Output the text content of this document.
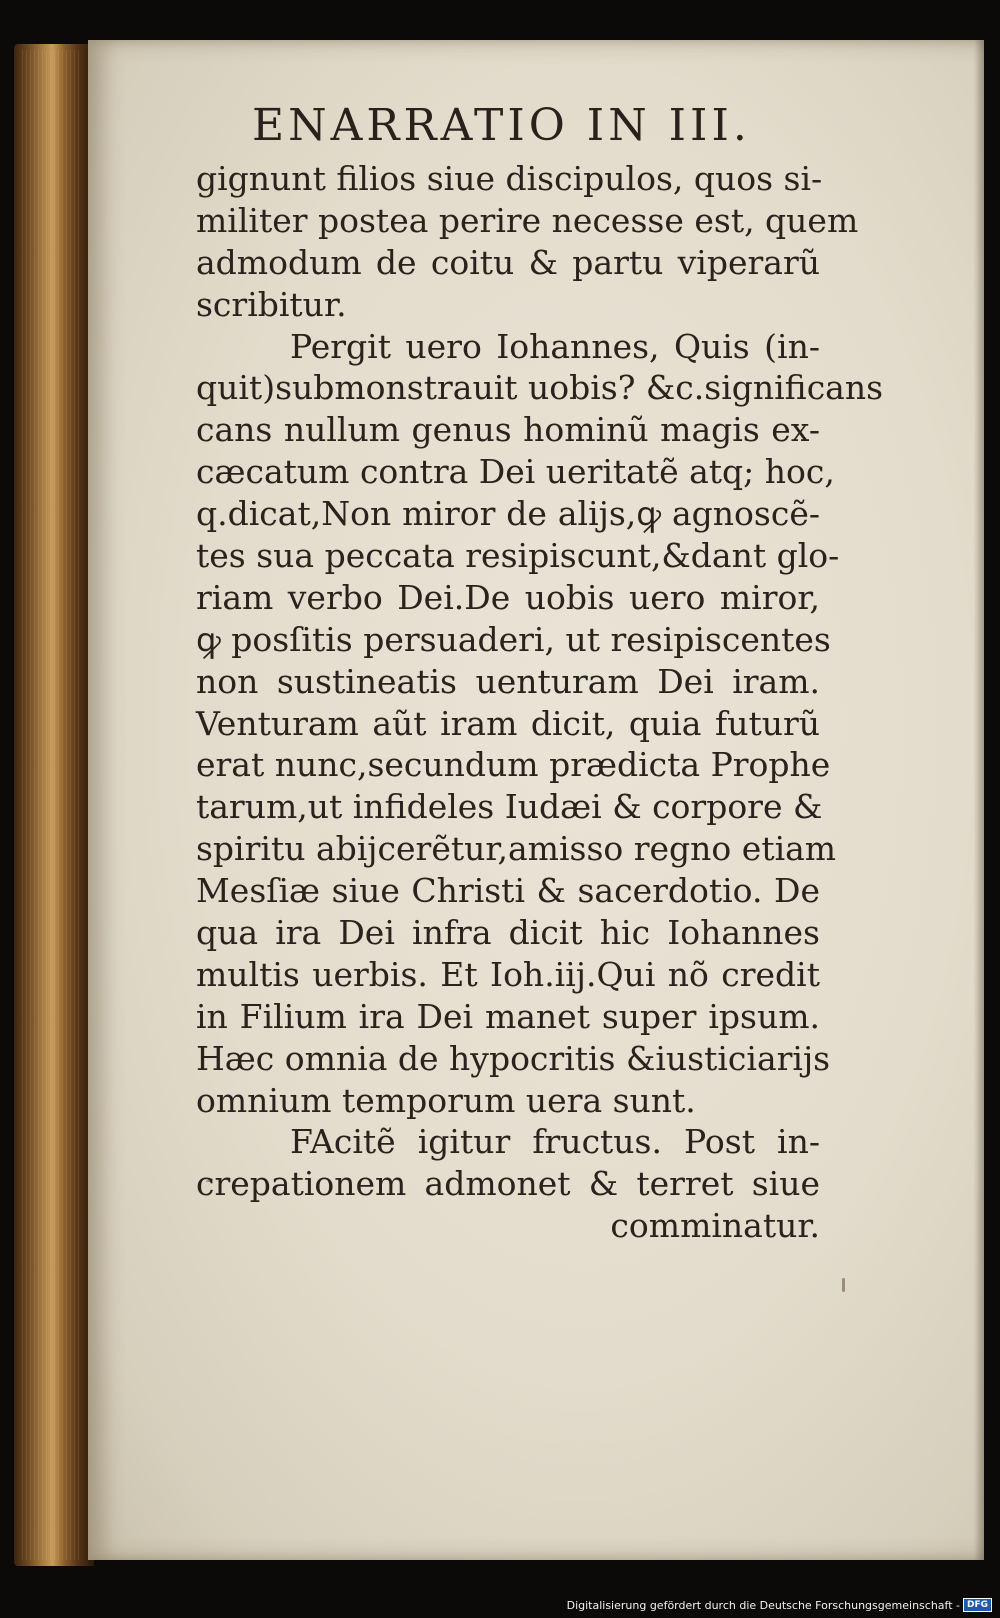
ENARRATIO IN III.
gignunt filios siue discipulos, quos si-
militer postea perire necesse est, quem
admodum de coitu & partu viperarũ
scribitur.
Pergit uero Iohannes, Quis (in-
quit)submonstrauit uobis? &c.significans
cans nullum genus hominũ magis ex-
cæcatum contra Dei ueritatẽ atq; hoc,
q.dicat,Non miror de alijs,ꝙ agnoscẽ-
tes sua peccata resipiscunt,&dant glo-
riam verbo Dei.De uobis uero miror,
ꝙ posſitis persuaderi, ut resipiscentes
non sustineatis uenturam Dei iram.
Venturam aũt iram dicit, quia futurũ
erat nunc,secundum prædicta Prophe
tarum,ut infideles Iudæi & corpore &
spiritu abijcerẽtur,amisso regno etiam
Mesſiæ siue Christi & sacerdotio. De
qua ira Dei infra dicit hic Iohannes
multis uerbis. Et Ioh.iij.Qui nõ credit
in Filium ira Dei manet super ipsum.
Hæc omnia de hypocritis &iusticiarijs
omnium temporum uera sunt.
FAcitẽ igitur fructus. Post in-
crepationem admonet & terret siue
comminatur.
Digitalisierung gefördert durch die Deutsche Forschungsgemeinschaft - DFG
